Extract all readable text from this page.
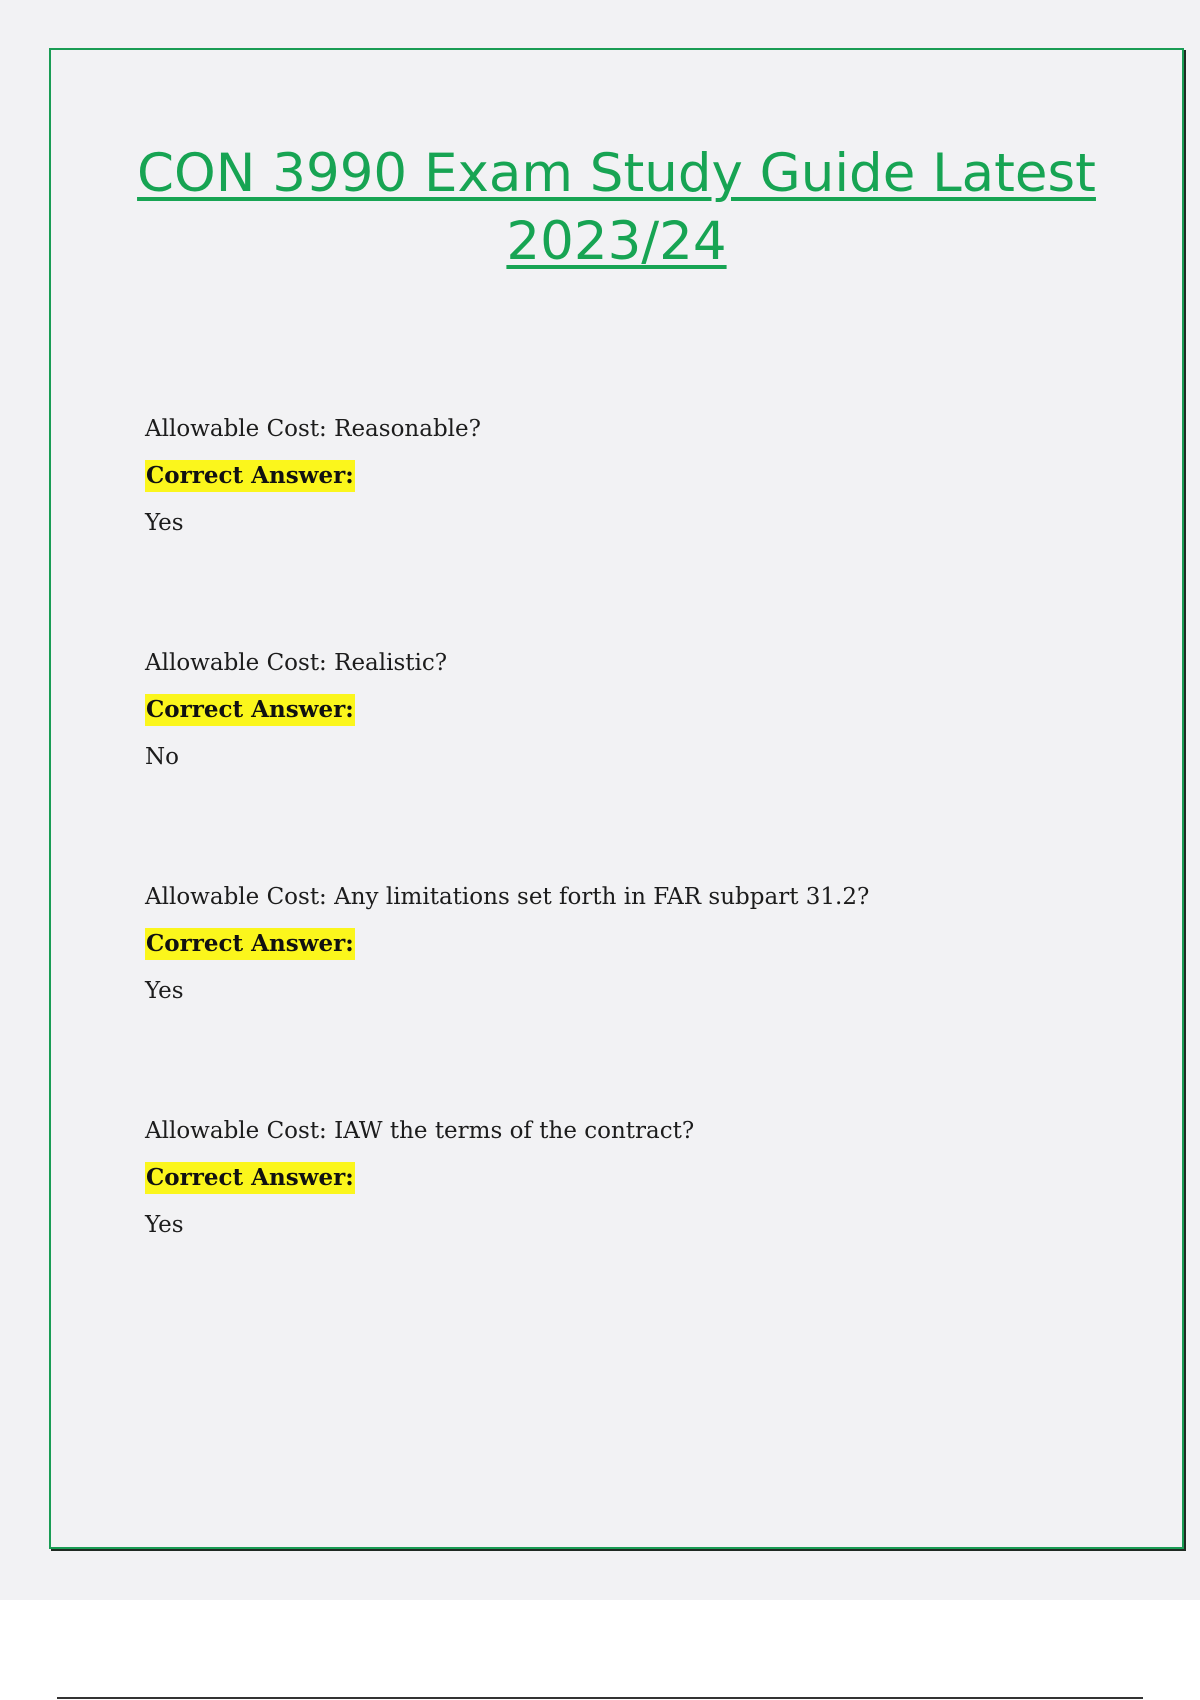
CON 3990 Exam Study Guide Latest 2023/24
Allowable Cost: Reasonable?
Correct Answer:
Yes
Allowable Cost: Realistic?
Correct Answer:
No
Allowable Cost: Any limitations set forth in FAR subpart 31.2?
Correct Answer:
Yes
Allowable Cost: IAW the terms of the contract?
Correct Answer:
Yes
